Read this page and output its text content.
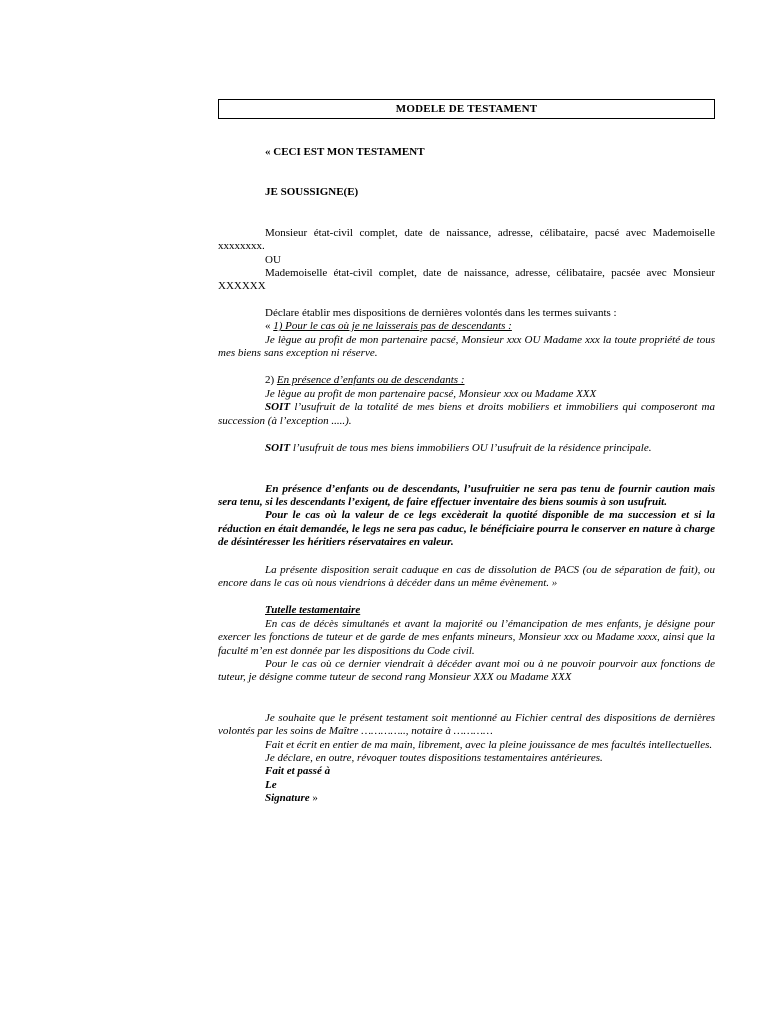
MODELE DE TESTAMENT

« CECI EST MON TESTAMENT

JE SOUSSIGNE(E)

Monsieur état-civil complet, date de naissance, adresse, célibataire, pacsé avec Mademoiselle xxxxxxxx.

OU

Mademoiselle état-civil complet, date de naissance, adresse, célibataire, pacsée avec Monsieur XXXXXX

Déclare établir mes dispositions de dernières volontés dans les termes suivants :

« 1) Pour le cas où je ne laisserais pas de descendants :

Je lègue au profit de mon partenaire pacsé, Monsieur xxx OU Madame xxx la toute propriété de tous mes biens sans exception ni réserve.

2) En présence d’enfants ou de descendants :

Je lègue au profit de mon partenaire pacsé, Monsieur xxx ou Madame XXX

SOIT l’usufruit de la totalité de mes biens et droits mobiliers et immobiliers qui composeront ma succession (à l’exception .....).

SOIT l’usufruit de tous mes biens immobiliers OU l’usufruit de la résidence principale.

En présence d’enfants ou de descendants, l’usufruitier ne sera pas tenu de fournir caution mais sera tenu, si les descendants l’exigent, de faire effectuer inventaire des biens soumis à son usufruit.

Pour le cas où la valeur de ce legs excèderait la quotité disponible de ma succession et si la réduction en était demandée, le legs ne sera pas caduc, le bénéficiaire pourra le conserver en nature à charge de désintéresser les héritiers réservataires en valeur.

La présente disposition serait caduque en cas de dissolution de PACS (ou de séparation de fait), ou encore dans le cas où nous viendrions à décéder dans un même évènement. »

Tutelle testamentaire

En cas de décès simultanés et avant la majorité ou l’émancipation de mes enfants, je désigne pour exercer les fonctions de tuteur et de garde de mes enfants mineurs, Monsieur xxx ou Madame xxxx, ainsi que la faculté m’en est donnée par les dispositions du Code civil.

Pour le cas où ce dernier viendrait à décéder avant moi ou à ne pouvoir pourvoir aux fonctions de tuteur, je désigne comme tuteur de second rang Monsieur XXX ou Madame XXX

Je souhaite que le présent testament soit mentionné au Fichier central des dispositions de dernières volontés par les soins de Maître ………….., notaire à …………

Fait et écrit en entier de ma main, librement, avec la pleine jouissance de mes facultés intellectuelles.

Je déclare, en outre, révoquer toutes dispositions testamentaires antérieures.

Fait et passé à

Le

Signature »
